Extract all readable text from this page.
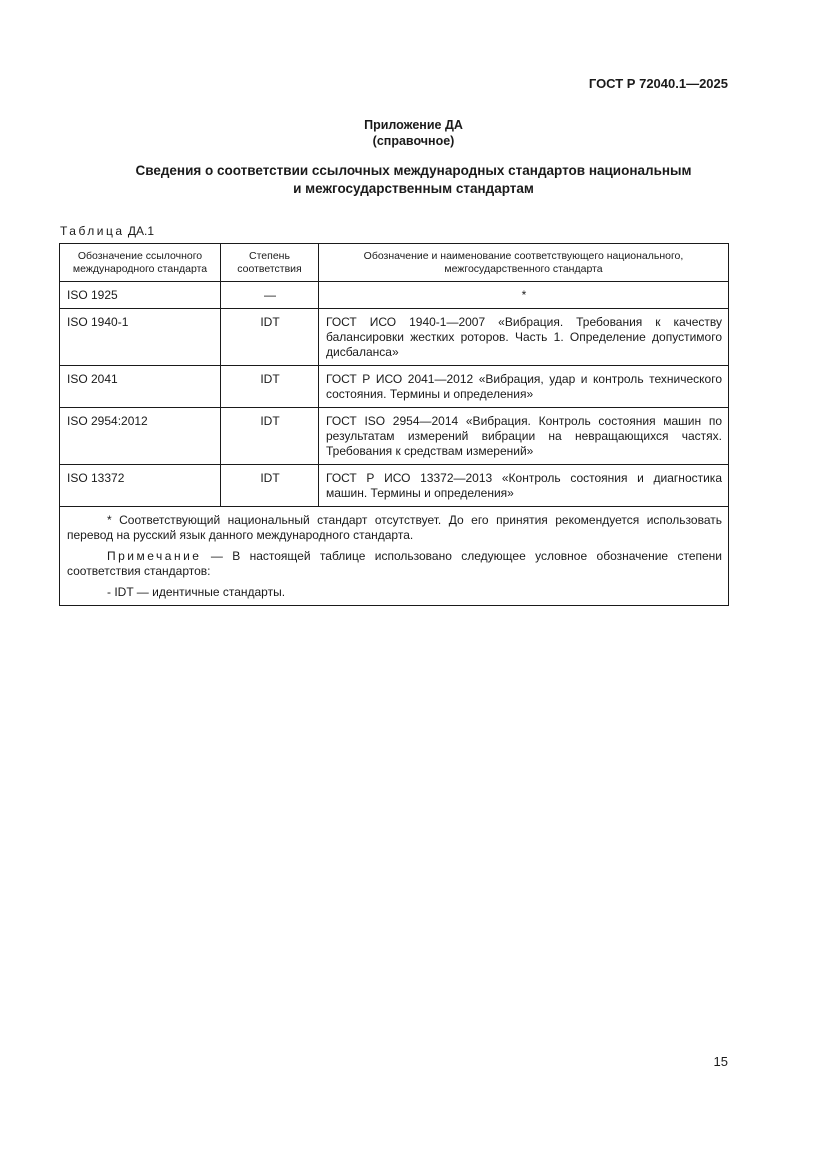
ГОСТ Р 72040.1—2025
Приложение ДА
(справочное)
Сведения о соответствии ссылочных международных стандартов национальным
и межгосударственным стандартам
Таблица ДА.1
Обозначение ссылочного международного стандарта	Степень соответствия	Обозначение и наименование соответствующего национального, межгосударственного стандарта
ISO 1925	—	*
ISO 1940-1	IDT	ГОСТ ИСО 1940-1—2007 «Вибрация. Требования к качеству балансировки жестких роторов. Часть 1. Определение допустимого дисбаланса»
ISO 2041	IDT	ГОСТ Р ИСО 2041—2012 «Вибрация, удар и контроль технического состояния. Термины и определения»
ISO 2954:2012	IDT	ГОСТ ISO 2954—2014 «Вибрация. Контроль состояния машин по результатам измерений вибрации на невращающихся частях. Требования к средствам измерений»
ISO 13372	IDT	ГОСТ Р ИСО 13372—2013 «Контроль состояния и диагностика машин. Термины и определения»

* Соответствующий национальный стандарт отсутствует. До его принятия рекомендуется использовать перевод на русский язык данного международного стандарта.

Примечание — В настоящей таблице использовано следующее условное обозначение степени соответствия стандартов:

- IDT — идентичные стандарты.		

15
